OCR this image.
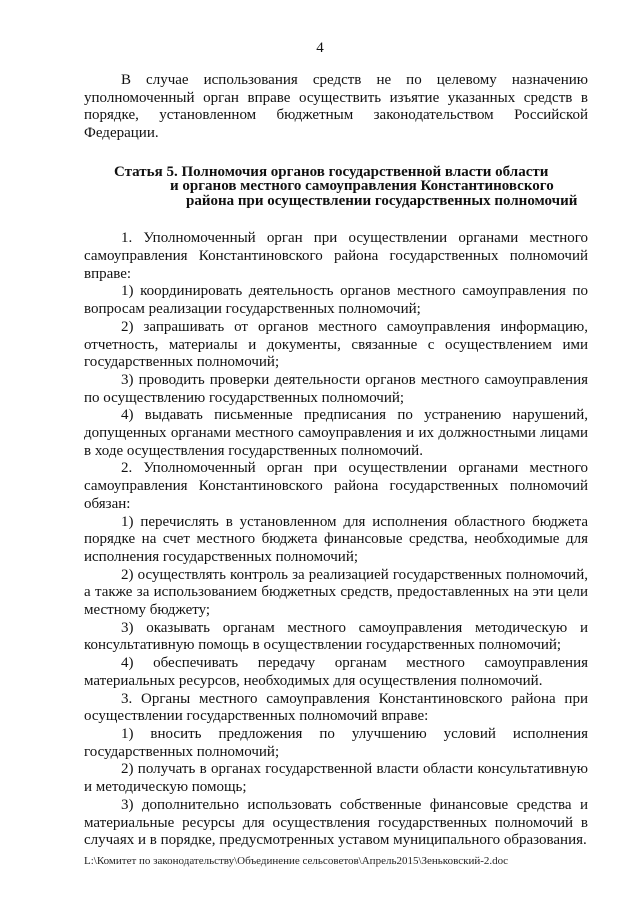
4

В случае использования средств не по целевому назначению уполномоченный орган вправе осуществить изъятие указанных средств в порядке, установленном бюджетным законодательством Российской Федерации.

Статья 5. Полномочия органов государственной власти области
и органов местного самоуправления Константиновского
района при осуществлении государственных полномочий

1. Уполномоченный орган при осуществлении органами местного самоуправления Константиновского района государственных полномочий вправе:

1) координировать деятельность органов местного самоуправления по вопросам реализации государственных полномочий;

2) запрашивать от органов местного самоуправления информацию, отчетность, материалы и документы, связанные с осуществлением ими государственных полномочий;

3) проводить проверки деятельности органов местного самоуправления по осуществлению государственных полномочий;

4) выдавать письменные предписания по устранению нарушений, допущенных органами местного самоуправления и их должностными лицами в ходе осуществления государственных полномочий.

2. Уполномоченный орган при осуществлении органами местного самоуправления Константиновского района государственных полномочий обязан:

1) перечислять в установленном для исполнения областного бюджета порядке на счет местного бюджета финансовые средства, необходимые для исполнения государственных полномочий;

2) осуществлять контроль за реализацией государственных полномочий, а также за использованием бюджетных средств, предоставленных на эти цели местному бюджету;

3) оказывать органам местного самоуправления методическую и консультативную помощь в осуществлении государственных полномочий;

4) обеспечивать передачу органам местного самоуправления материальных ресурсов, необходимых для осуществления полномочий.

3. Органы местного самоуправления Константиновского района при осуществлении государственных полномочий вправе:

1) вносить предложения по улучшению условий исполнения государственных полномочий;

2) получать в органах государственной власти области консультативную и методическую помощь;

3) дополнительно использовать собственные финансовые средства и материальные ресурсы для осуществления государственных полномочий в случаях и в порядке, предусмотренных уставом муниципального образования.

L:\Комитет по законодательству\Объединение сельсоветов\Апрель2015\Зеньковский-2.doc
